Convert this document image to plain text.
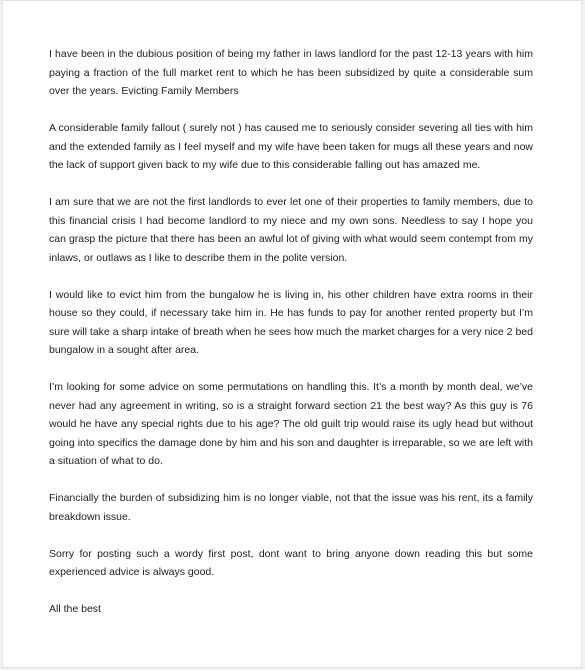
I have been in the dubious position of being my father in laws landlord for the past 12-13 years with him paying a fraction of the full market rent to which he has been subsidized by quite a considerable sum over the years. Evicting Family Members

A considerable family fallout ( surely not ) has caused me to seriously consider severing all ties with him and the extended family as I feel myself and my wife have been taken for mugs all these years and now the lack of support given back to my wife due to this considerable falling out has amazed me.

I am sure that we are not the first landlords to ever let one of their properties to family members, due to this financial crisis I had become landlord to my niece and my own sons. Needless to say I hope you can grasp the picture that there has been an awful lot of giving with what would seem contempt from my inlaws, or outlaws as I like to describe them in the polite version.

I would like to evict him from the bungalow he is living in, his other children have extra rooms in their house so they could, if necessary take him in. He has funds to pay for another rented property but I’m sure will take a sharp intake of breath when he sees how much the market charges for a very nice 2 bed bungalow in a sought after area.

I’m looking for some advice on some permutations on handling this. It’s a month by month deal, we’ve never had any agreement in writing, so is a straight forward section 21 the best way? As this guy is 76 would he have any special rights due to his age? The old guilt trip would raise its ugly head but without going into specifics the damage done by him and his son and daughter is irreparable, so we are left with a situation of what to do.

Financially the burden of subsidizing him is no longer viable, not that the issue was his rent, its a family breakdown issue.

Sorry for posting such a wordy first post, dont want to bring anyone down reading this but some experienced advice is always good.

All the best
